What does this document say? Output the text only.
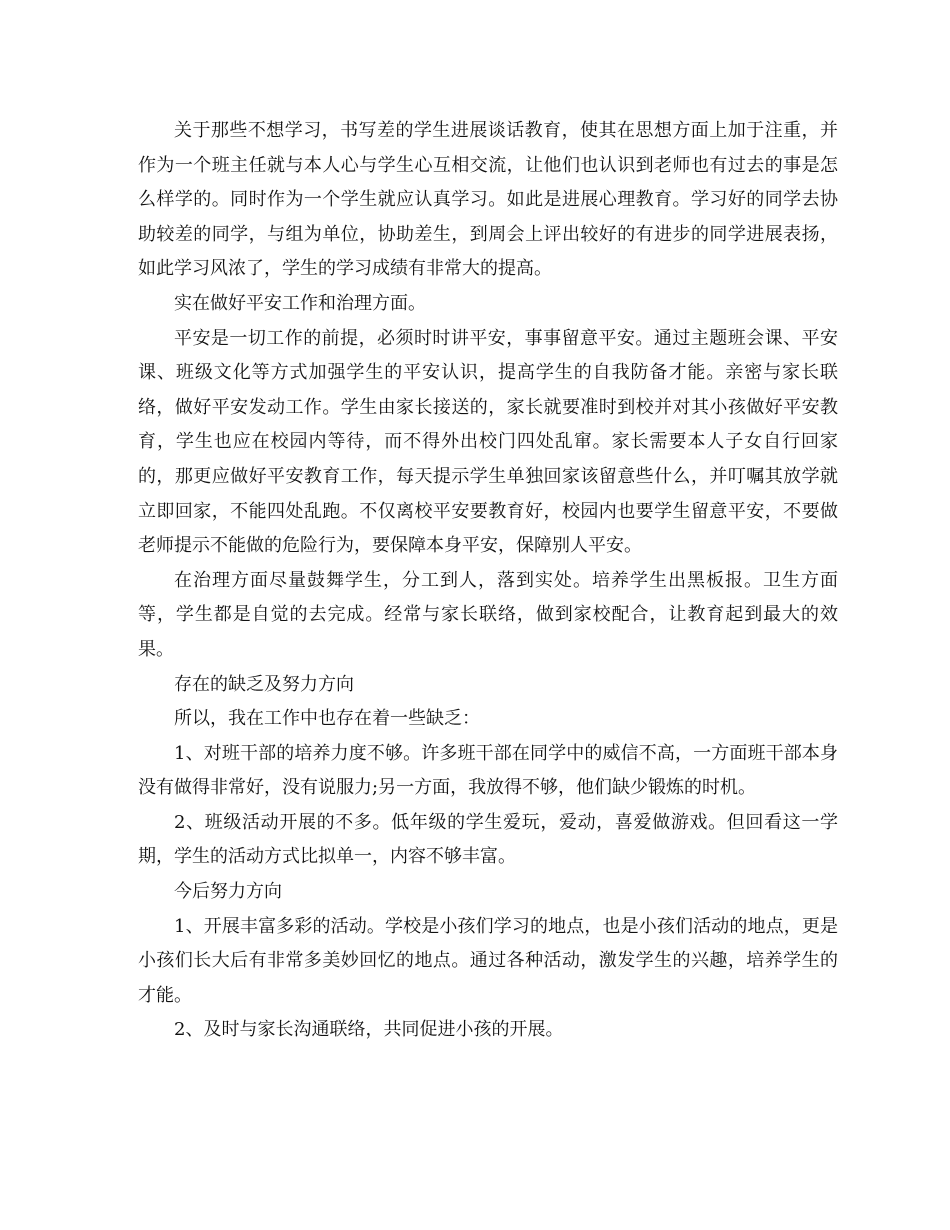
关于那些不想学习，书写差的学生进展谈话教育，使其在思想方面上加于注重，并作为一个班主任就与本人心与学生心互相交流，让他们也认识到老师也有过去的事是怎么样学的。同时作为一个学生就应认真学习。如此是进展心理教育。学习好的同学去协助较差的同学，与组为单位，协助差生，到周会上评出较好的有进步的同学进展表扬，如此学习风浓了，学生的学习成绩有非常大的提高。

实在做好平安工作和治理方面。

平安是一切工作的前提，必须时时讲平安，事事留意平安。通过主题班会课、平安课、班级文化等方式加强学生的平安认识，提高学生的自我防备才能。亲密与家长联络，做好平安发动工作。学生由家长接送的，家长就要准时到校并对其小孩做好平安教育，学生也应在校园内等待，而不得外出校门四处乱窜。家长需要本人子女自行回家的，那更应做好平安教育工作，每天提示学生单独回家该留意些什么，并叮嘱其放学就立即回家，不能四处乱跑。不仅离校平安要教育好，校园内也要学生留意平安，不要做老师提示不能做的危险行为，要保障本身平安，保障别人平安。

在治理方面尽量鼓舞学生，分工到人，落到实处。培养学生出黑板报。卫生方面等，学生都是自觉的去完成。经常与家长联络，做到家校配合，让教育起到最大的效果。

存在的缺乏及努力方向

所以，我在工作中也存在着一些缺乏：

1、对班干部的培养力度不够。许多班干部在同学中的威信不高，一方面班干部本身没有做得非常好，没有说服力;另一方面，我放得不够，他们缺少锻炼的时机。

2、班级活动开展的不多。低年级的学生爱玩，爱动，喜爱做游戏。但回看这一学期，学生的活动方式比拟单一，内容不够丰富。

今后努力方向

1、开展丰富多彩的活动。学校是小孩们学习的地点，也是小孩们活动的地点，更是小孩们长大后有非常多美妙回忆的地点。通过各种活动，激发学生的兴趣，培养学生的才能。

2、及时与家长沟通联络，共同促进小孩的开展。
